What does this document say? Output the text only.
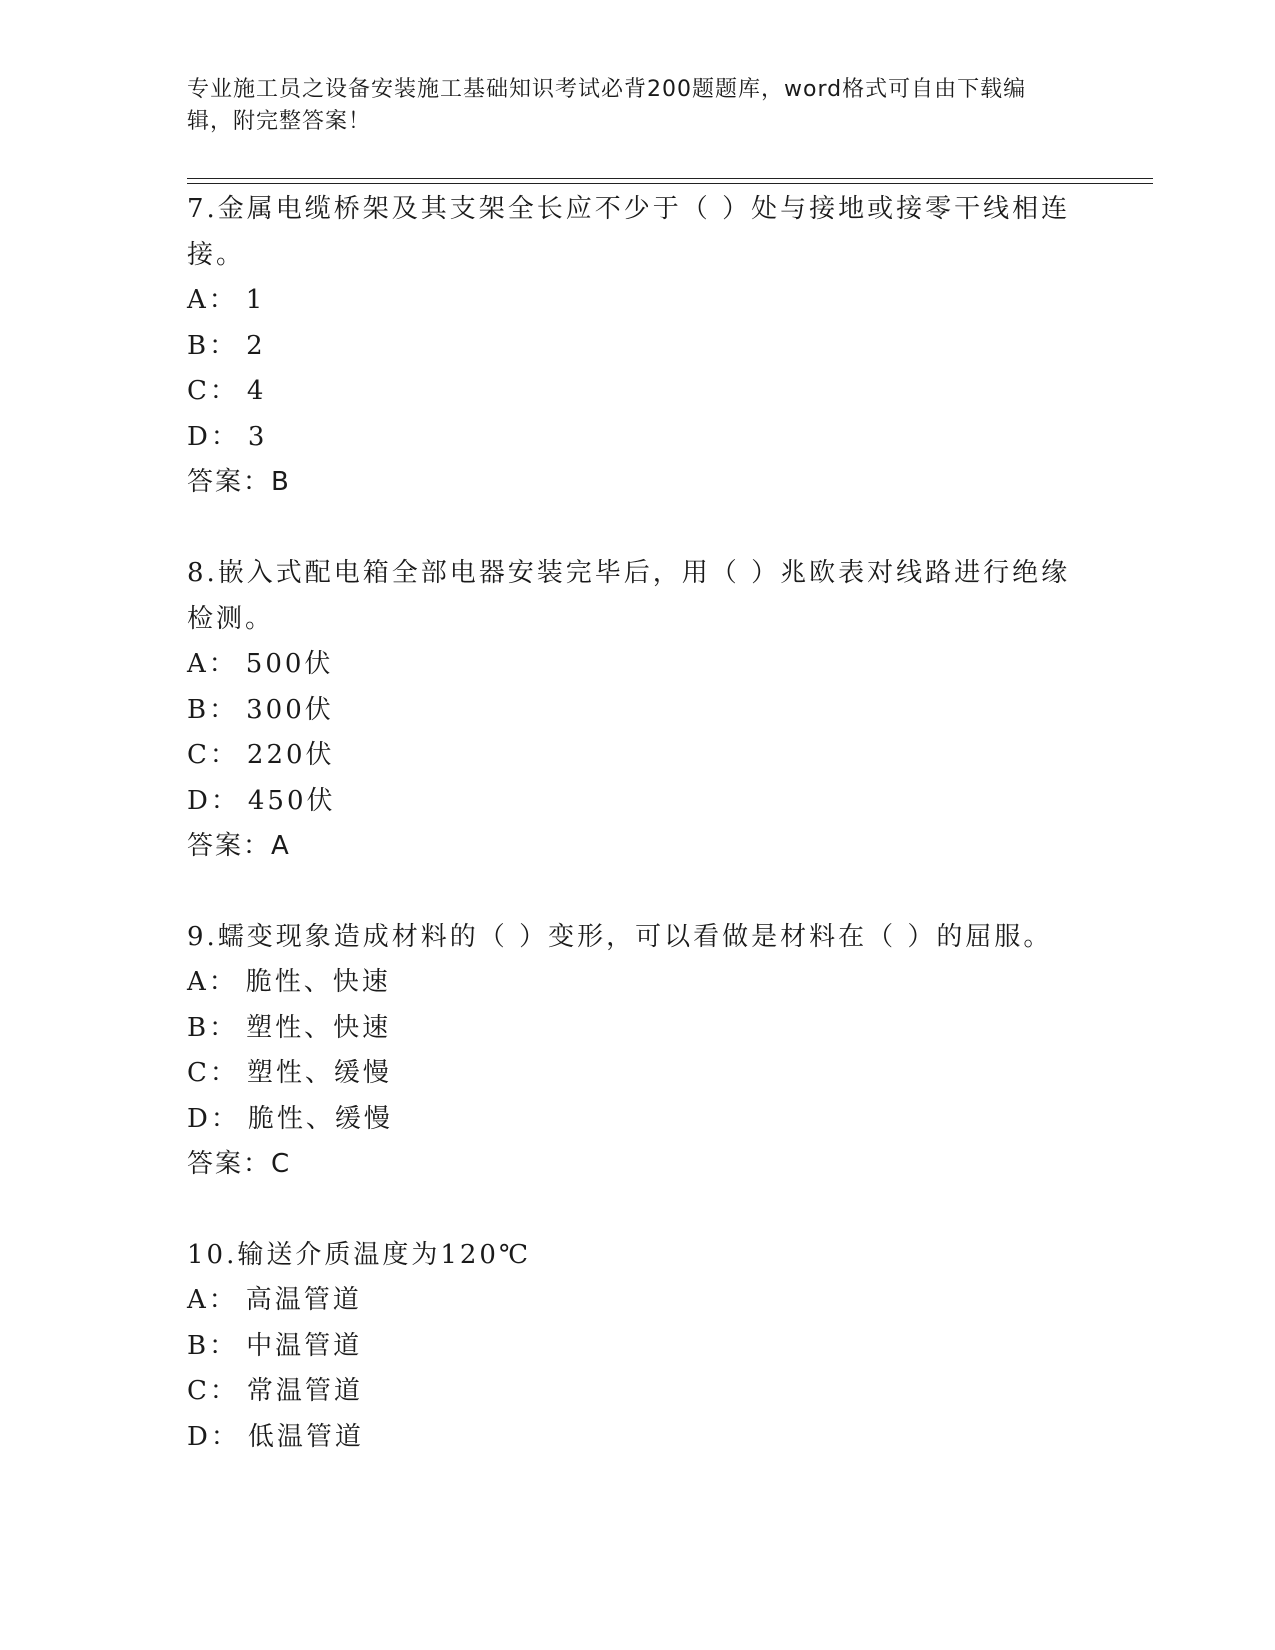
专业施工员之设备安装施工基础知识考试必背200题题库，word格式可自由下载编辑，附完整答案！
7.金属电缆桥架及其支架全长应不少于（ ）处与接地或接零干线相连接。
A： 1
B： 2
C： 4
D： 3
答案：B
8.嵌入式配电箱全部电器安装完毕后，用（ ）兆欧表对线路进行绝缘检测。
A： 500伏
B： 300伏
C： 220伏
D： 450伏
答案：A
9.蠕变现象造成材料的（ ）变形，可以看做是材料在（ ）的屈服。
A： 脆性、快速
B： 塑性、快速
C： 塑性、缓慢
D： 脆性、缓慢
答案：C
10.输送介质温度为120℃
A： 高温管道
B： 中温管道
C： 常温管道
D： 低温管道
